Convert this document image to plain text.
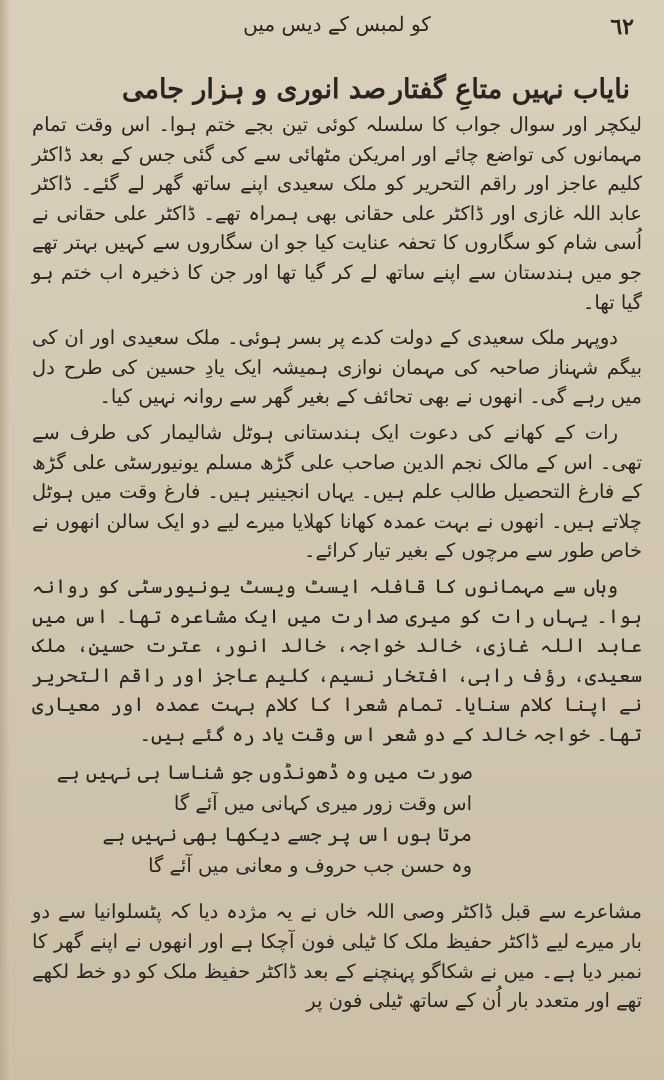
کو لمبس کے دیس میں	٦٢
نایاب نہیں متاعِ گفتار
صد انوری و ہزار جامی

لیکچر اور سوال جواب کا سلسلہ کوئی تین بجے ختم ہوا۔ اس وقت تمام مہمانوں کی تواضع چائے اور امریکن مٹھائی سے کی گئی جس کے بعد ڈاکٹر کلیم عاجز اور راقم التحریر کو ملک سعیدی اپنے ساتھ گھر لے گئے۔ ڈاکٹر عابد اللہ غازی اور ڈاکٹر علی حقانی بھی ہمراہ تھے۔ ڈاکٹر علی حقانی نے اُسی شام کو سگاروں کا تحفہ عنایت کیا جو ان سگاروں سے کہیں بہتر تھے جو میں ہندستان سے اپنے ساتھ لے کر گیا تھا اور جن کا ذخیرہ اب ختم ہو گیا تھا۔

دوپہر ملک سعیدی کے دولت کدے پر بسر ہوئی۔ ملک سعیدی اور ان کی بیگم شہناز صاحبہ کی مہمان نوازی ہمیشہ ایک یادِ حسین کی طرح دل میں رہے گی۔ انھوں نے بھی تحائف کے بغیر گھر سے روانہ نہیں کیا۔

رات کے کھانے کی دعوت ایک ہندستانی ہوٹل شالیمار کی طرف سے تھی۔ اس کے مالک نجم الدین صاحب علی گڑھ مسلم یونیورسٹی علی گڑھ کے فارغ التحصیل طالب علم ہیں۔ یہاں انجینیر ہیں۔ فارغ وقت میں ہوٹل چلاتے ہیں۔ انھوں نے بہت عمدہ کھانا کھلایا میرے لیے دو ایک سالن انھوں نے خاص طور سے مرچوں کے بغیر تیار کرائے۔

وہاں سے مہمانوں کا قافلہ ایسٹ ویسٹ یونیورسٹی کو روانہ ہوا۔ یہاں رات کو میری صدارت میں ایک مشاعرہ تھا۔ اس میں عابد اللہ غازی، خالد خواجہ، خالد انور، عترت حسین، ملک سعیدی، رؤف راہی، افتخار نسیم، کلیم عاجز اور راقم التحریر نے اپنا کلام سنایا۔ تمام شعرا کا کلام بہت عمدہ اور معیاری تھا۔ خواجہ خالد کے دو شعر اس وقت یاد رہ گئے ہیں۔

صورت میں وہ ڈھونڈوں جو شناسا ہی نہیں ہے
اس وقت زور میری کہانی میں آئے گا
مرتا ہوں اس پر جسے دیکھا بھی نہیں ہے
وہ حسن جب حروف و معانی میں آئے گا

مشاعرے سے قبل ڈاکٹر وصی اللہ خاں نے یہ مژدہ دیا کہ پٹسلوانیا سے دو بار میرے لیے ڈاکٹر حفیظ ملک کا ٹیلی فون آچکا ہے اور انھوں نے اپنے گھر کا نمبر دیا ہے۔ میں نے شکاگو پہنچنے کے بعد ڈاکٹر حفیظ ملک کو دو خط لکھے تھے اور متعدد بار اُن کے ساتھ ٹیلی فون پر
